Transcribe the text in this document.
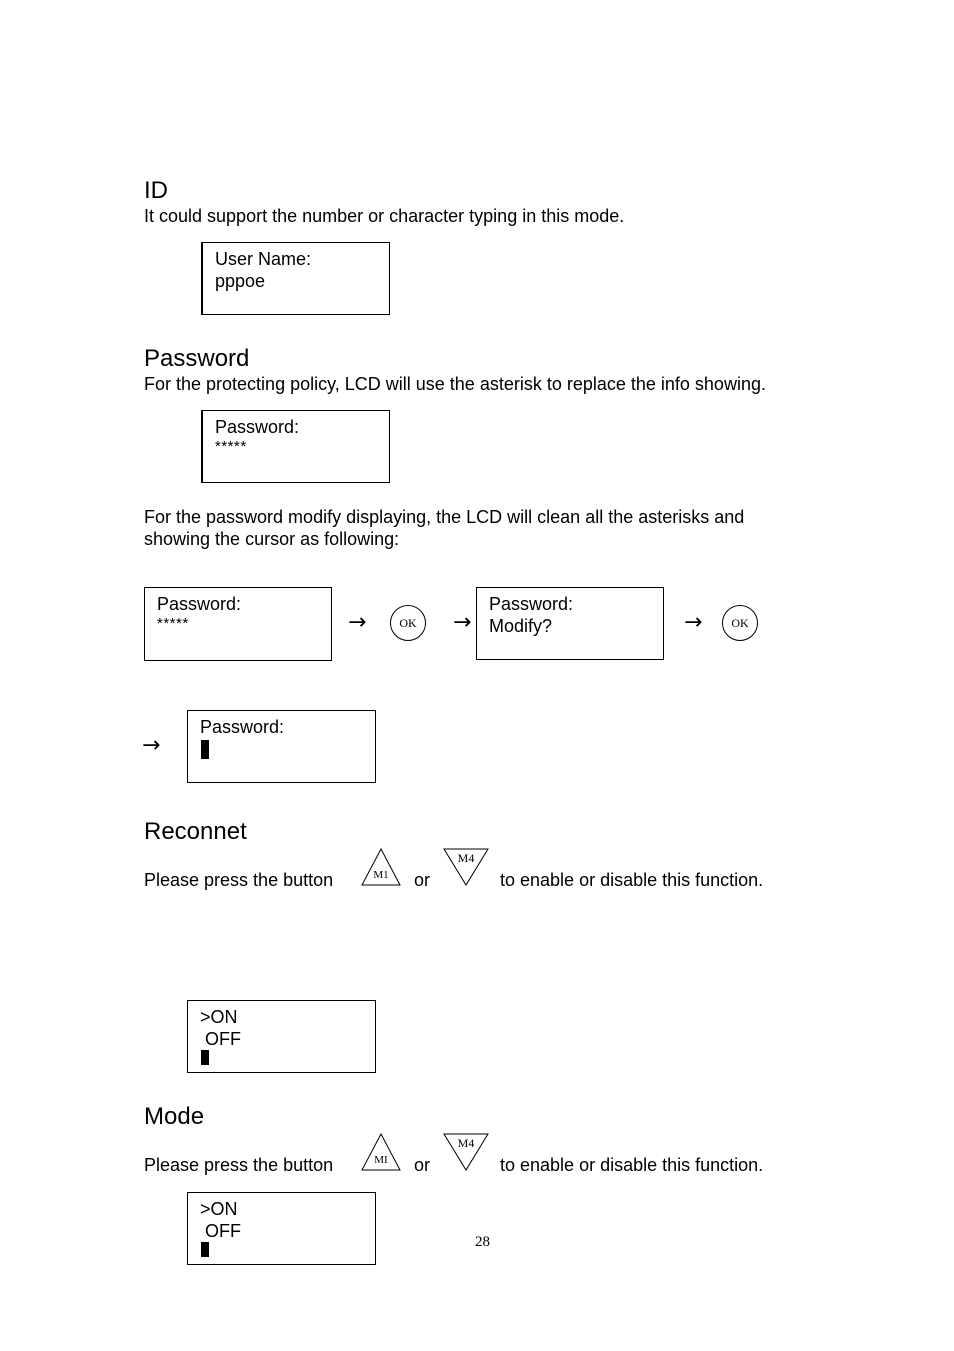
ID
It could support the number or character typing in this mode.
User Name:
pppoe
Password
For the protecting policy, LCD will use the asterisk to replace the info showing.
Password:
*****
For the password modify displaying, the LCD will clean all the asterisks and
showing the cursor as following:
Password:
*****	→	OK	→
Password:
Modify?	→	OK
→
Password:
Reconnet
Please press the button	M1 or
M4
to enable or disable this function.
>ON
OFF
Mode
Please press the button	MI or
M4
to enable or disable this function.
>ON
OFF
28
